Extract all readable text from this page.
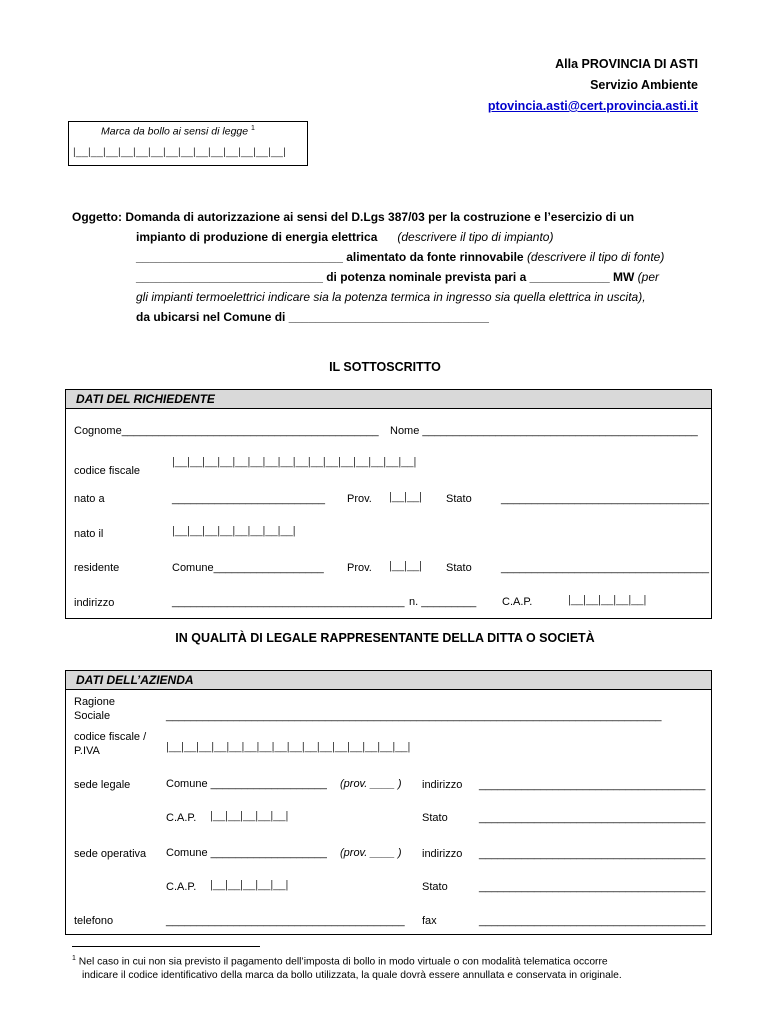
Alla PROVINCIA DI ASTI
Servizio Ambiente
ptovincia.asti@cert.provincia.asti.it
Marca da bollo ai sensi di legge $^1$
|__|__|__|__|__|__|__|__|__|__|__|__|__|__|
Oggetto: Domanda di autorizzazione ai sensi del D.Lgs 387/03 per la costruzione e l’esercizio di un
impianto di produzione di energia elettrica (descrivere il tipo di impianto)
_______________________________ alimentato da fonte rinnovabile (descrivere il tipo di fonte)
____________________________ di potenza nominale prevista pari a ____________ MW (per
gli impianti termoelettrici indicare sia la potenza termica in ingresso sia quella elettrica in uscita),
da ubicarsi nel Comune di ______________________________
IL SOTTOSCRITTO
DATI DEL RICHIEDENTE
Cognome__________________________________________ Nome _____________________________________________
codice fiscale
|__|__|__|__|__|__|__|__|__|__|__|__|__|__|__|__|
nato a	_________________________ Prov. |__|__| Stato	__________________________________
nato il	|__|__|__|__|__|__|__|__|
residente	Comune__________________ Prov. |__|__| Stato	__________________________________
indirizzo	______________________________________ n. _________ C.A.P.	|__|__|__|__|__|
IN QUALITÀ DI LEGALE RAPPRESENTANTE DELLA DITTA O SOCIETÀ
DATI DELL’AZIENDA
Ragione
Sociale	_________________________________________________________________________________
codice fiscale /
P.IVA	|__|__|__|__|__|__|__|__|__|__|__|__|__|__|__|__|
sede legale	Comune ___________________ (prov. ____ ) indirizzo _____________________________________
C.A.P. |__|__|__|__|__|	Stato	_____________________________________
sede operativa Comune ___________________ (prov. ____ ) indirizzo _____________________________________
C.A.P. |__|__|__|__|__|	Stato	_____________________________________
telefono	_______________________________________ fax	_____________________________________
$^1$ Nel caso in cui non sia previsto il pagamento dell’imposta di bollo in modo virtuale o con modalità telematica occorre
indicare il codice identificativo della marca da bollo utilizzata, la quale dovrà essere annullata e conservata in originale.
